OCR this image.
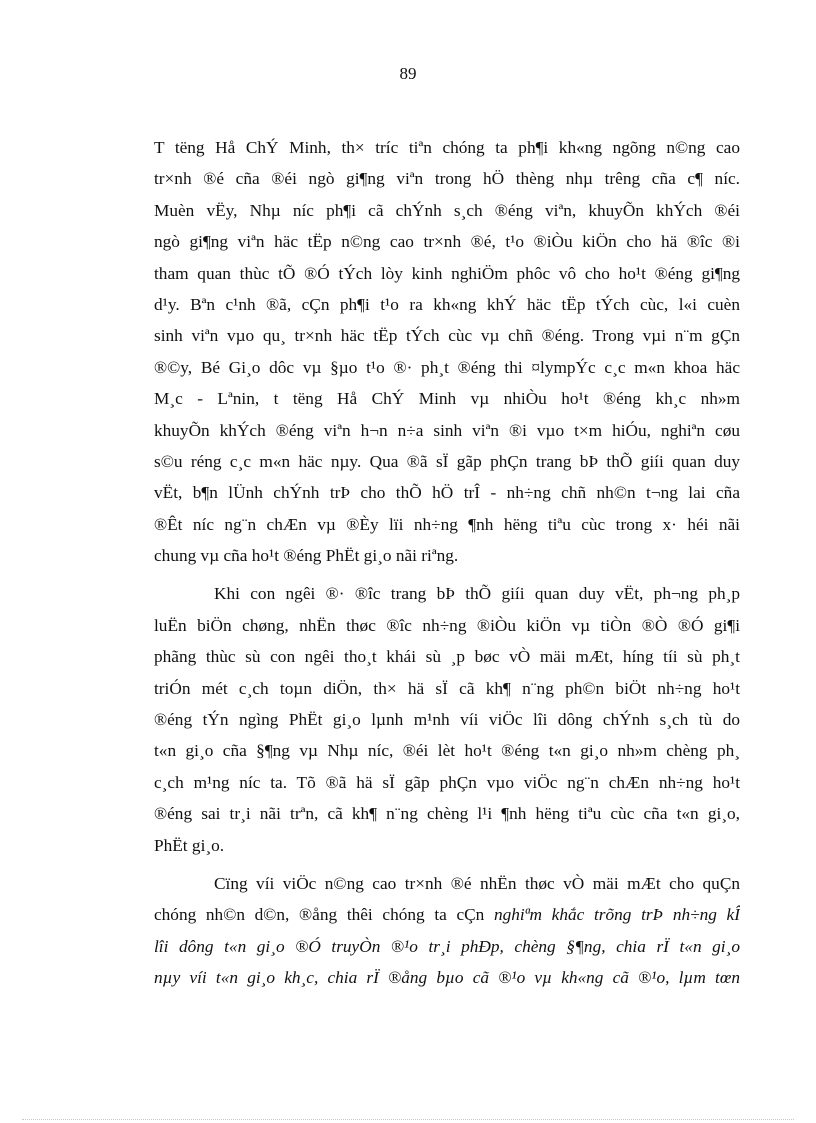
89
T tëng Hå ChÝ Minh, th× tríc tiªn chóng ta ph¶i kh«ng ngõng n©ng cao
tr×nh ®é cña ®éi ngò gi¶ng viªn trong hÖ thèng nhµ trêng cña c¶ níc.
Muèn vËy, Nhµ níc ph¶i cã chÝnh s¸ch ®éng viªn, khuyÕn khÝch ®éi
ngò gi¶ng viªn häc tËp n©ng cao tr×nh ®é, t¹o ®iÒu kiÖn cho hä ®îc ®i
tham quan thùc tÕ ®Ó tÝch lòy kinh nghiÖm phôc vô cho ho¹t ®éng gi¶ng
d¹y. Bªn c¹nh ®ã, cÇn ph¶i t¹o ra kh«ng khÝ häc tËp tÝch cùc, l«i cuèn
sinh viªn vµo qu¸ tr×nh häc tËp tÝch cùc vµ chñ ®éng. Trong vµi n¨m gÇn
®©y, Bé Gi¸o dôc vµ §µo t¹o ®· ph¸t ®éng thi ¤lympÝc c¸c m«n khoa häc
M¸c - Lªnin, t tëng Hå ChÝ Minh vµ nhiÒu ho¹t ®éng kh¸c nh»m
khuyÕn khÝch ®éng viªn h¬n n÷a sinh viªn ®i vµo t×m hiÓu, nghiªn cøu
s©u réng c¸c m«n häc nµy. Qua ®ã sÏ gãp phÇn trang bÞ thÕ giíi quan duy
vËt, b¶n lÜnh chÝnh trÞ cho thÕ hÖ trÎ - nh÷ng chñ nh©n t¬ng lai cña
®Êt níc ng¨n chÆn vµ ®Èy lïi nh÷ng ¶nh hëng tiªu cùc trong x· héi nãi
chung vµ cña ho¹t ®éng PhËt gi¸o nãi riªng.
Khi con ngêi ®· ®îc trang bÞ thÕ giíi quan duy vËt, ph¬ng ph¸p
luËn biÖn chøng, nhËn thøc ®îc nh÷ng ®iÒu kiÖn vµ tiÒn ®Ò ®Ó gi¶i
phãng thùc sù con ngêi tho¸t khái sù ¸p bøc vÒ mäi mÆt, híng tíi sù ph¸t
triÓn mét c¸ch toµn diÖn, th× hä sÏ cã kh¶ n¨ng ph©n biÖt nh÷ng ho¹t
®éng tÝn ngìng PhËt gi¸o lµnh m¹nh víi viÖc lîi dông chÝnh s¸ch tù do
t«n gi¸o cña §¶ng vµ Nhµ níc, ®éi lèt ho¹t ®éng t«n gi¸o nh»m chèng ph¸
c¸ch m¹ng níc ta. Tõ ®ã hä sÏ gãp phÇn vµo viÖc ng¨n chÆn nh÷ng ho¹t
®éng sai tr¸i nãi trªn, cã kh¶ n¨ng chèng l¹i ¶nh hëng tiªu cùc cña t«n gi¸o,
PhËt gi¸o.
Cïng víi viÖc n©ng cao tr×nh ®é nhËn thøc vÒ mäi mÆt cho quÇn
chóng nh©n d©n, ®ång thêi chóng ta cÇn nghiªm khắc trõng trÞ nh÷ng kÎ
lîi dông t«n gi¸o ®Ó truyÒn ®¹o tr¸i phÐp, chèng §¶ng, chia rÏ t«n gi¸o
nµy víi t«n gi¸o kh¸c, chia rÏ ®ång bµo cã ®¹o vµ kh«ng cã ®¹o, lµm tœn
